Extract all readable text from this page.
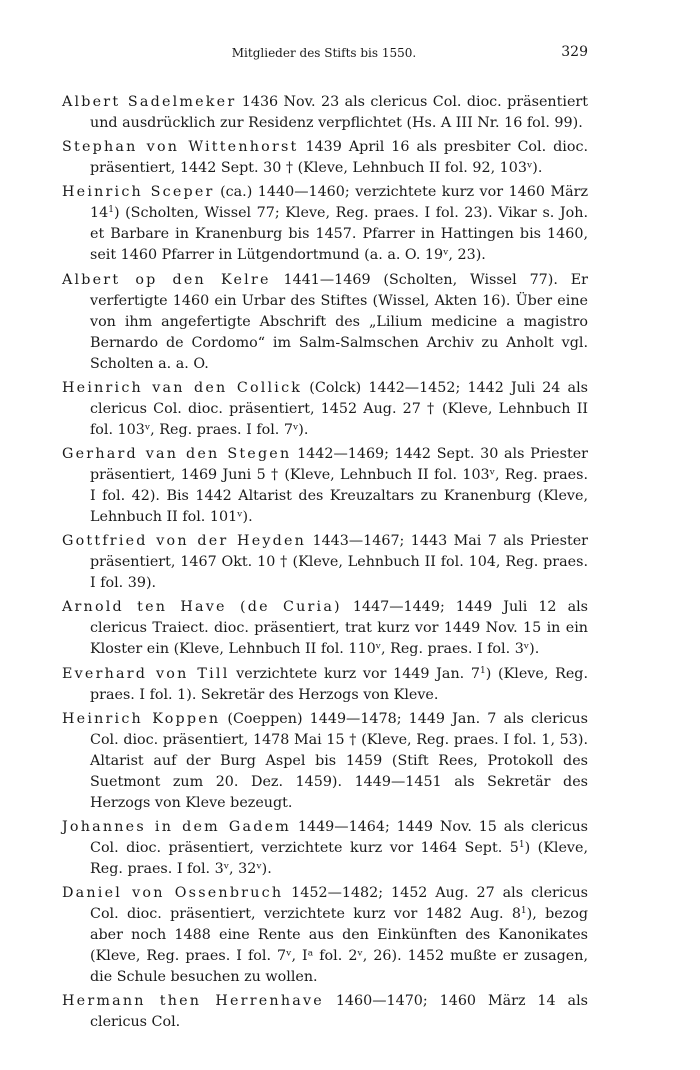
Mitglieder des Stifts bis 1550.	329

Albert Sadelmeker 1436 Nov. 23 als clericus Col. dioc. präsentiert und ausdrücklich zur Residenz verpflichtet (Hs. A III Nr. 16 fol. 99).

Stephan von Wittenhorst 1439 April 16 als presbiter Col. dioc. präsentiert, 1442 Sept. 30 † (Kleve, Lehnbuch II fol. 92, 103ᵛ).

Heinrich Sceper (ca.) 1440—1460; verzichtete kurz vor 1460 März $14^1$) (Scholten, Wissel 77; Kleve, Reg. praes. I fol. 23). Vikar s. Joh. et Barbare in Kranenburg bis 1457. Pfarrer in Hattingen bis 1460, seit 1460 Pfarrer in Lütgendortmund (a. a. O. 19ᵛ, 23).

Albert op den Kelre 1441—1469 (Scholten, Wissel 77). Er verfertigte 1460 ein Urbar des Stiftes (Wissel, Akten 16). Über eine von ihm angefertigte Abschrift des „Lilium medicine a magistro Bernardo de Cordomo“ im Salm-Salmschen Archiv zu Anholt vgl. Scholten a. a. O.

Heinrich van den Collick (Colck) 1442—1452; 1442 Juli 24 als clericus Col. dioc. präsentiert, 1452 Aug. 27 † (Kleve, Lehnbuch II fol. 103ᵛ, Reg. praes. I fol. 7ᵛ).

Gerhard van den Stegen 1442—1469; 1442 Sept. 30 als Priester präsentiert, 1469 Juni 5 † (Kleve, Lehnbuch II fol. 103ᵛ, Reg. praes. I fol. 42). Bis 1442 Altarist des Kreuzaltars zu Kranenburg (Kleve, Lehnbuch II fol. 101ᵛ).

Gottfried von der Heyden 1443—1467; 1443 Mai 7 als Priester präsentiert, 1467 Okt. 10 † (Kleve, Lehnbuch II fol. 104, Reg. praes. I fol. 39).

Arnold ten Have (de Curia) 1447—1449; 1449 Juli 12 als clericus Traiect. dioc. präsentiert, trat kurz vor 1449 Nov. 15 in ein Kloster ein (Kleve, Lehnbuch II fol. 110ᵛ, Reg. praes. I fol. 3ᵛ).

Everhard von Till verzichtete kurz vor 1449 Jan. $7^1$) (Kleve, Reg. praes. I fol. 1). Sekretär des Herzogs von Kleve.

Heinrich Koppen (Coeppen) 1449—1478; 1449 Jan. 7 als clericus Col. dioc. präsentiert, 1478 Mai 15 † (Kleve, Reg. praes. I fol. 1, 53). Altarist auf der Burg Aspel bis 1459 (Stift Rees, Protokoll des Suetmont zum 20. Dez. 1459). 1449—1451 als Sekretär des Herzogs von Kleve bezeugt.

Johannes in dem Gadem 1449—1464; 1449 Nov. 15 als clericus Col. dioc. präsentiert, verzichtete kurz vor 1464 Sept. $5^1$) (Kleve, Reg. praes. I fol. 3ᵛ, 32ᵛ).

Daniel von Ossenbruch 1452—1482; 1452 Aug. 27 als clericus Col. dioc. präsentiert, verzichtete kurz vor 1482 Aug. $8^1$), bezog aber noch 1488 eine Rente aus den Einkünften des Kanonikates (Kleve, Reg. praes. I fol. 7ᵛ, Iᵃ fol. 2ᵛ, 26). 1452 mußte er zusagen, die Schule besuchen zu wollen.

Hermann then Herrenhave 1460—1470; 1460 März 14 als clericus Col.
